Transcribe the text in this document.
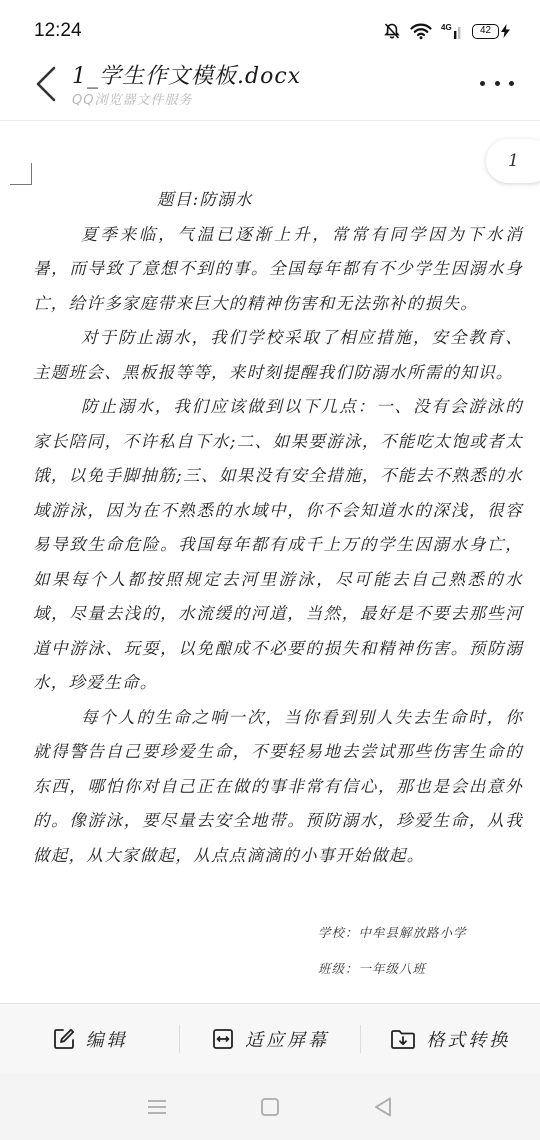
12:24	4G	42
1_学生作文模板.docx
QQ浏览器文件服务
1

题目:防溺水

夏季来临，气温已逐渐上升，常常有同学因为下水消暑，而导致了意想不到的事。全国每年都有不少学生因溺水身亡，给许多家庭带来巨大的精神伤害和无法弥补的损失。

对于防止溺水，我们学校采取了相应措施，安全教育、主题班会、黑板报等等，来时刻提醒我们防溺水所需的知识。

防止溺水，我们应该做到以下几点：一、没有会游泳的家长陪同，不许私自下水;二、如果要游泳，不能吃太饱或者太饿，以免手脚抽筋;三、如果没有安全措施，不能去不熟悉的水域游泳，因为在不熟悉的水域中，你不会知道水的深浅，很容易导致生命危险。我国每年都有成千上万的学生因溺水身亡，如果每个人都按照规定去河里游泳，尽可能去自己熟悉的水域，尽量去浅的，水流缓的河道，当然，最好是不要去那些河道中游泳、玩耍，以免酿成不必要的损失和精神伤害。预防溺水，珍爱生命。

每个人的生命之响一次，当你看到别人失去生命时，你就得警告自己要珍爱生命，不要轻易地去尝试那些伤害生命的东西，哪怕你对自己正在做的事非常有信心，那也是会出意外的。像游泳，要尽量去安全地带。预防溺水，珍爱生命，从我做起，从大家做起，从点点滴滴的小事开始做起。

学校：中牟县解放路小学
班级：一年级八班
编辑	适应屏幕	格式转换
